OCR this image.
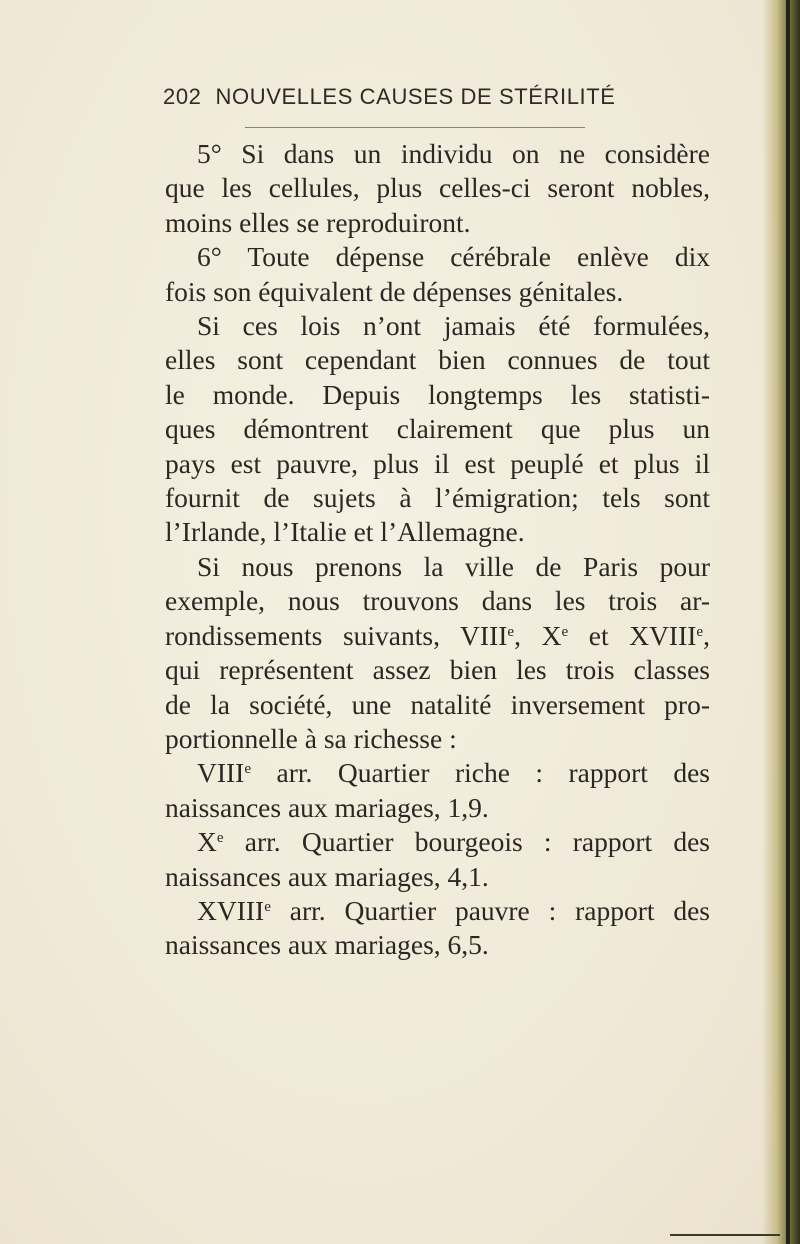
202 NOUVELLES CAUSES DE STÉRILITÉ
5° Si dans un individu on ne considère
que les cellules, plus celles-ci seront nobles,
moins elles se reproduiront.
6° Toute dépense cérébrale enlève dix
fois son équivalent de dépenses génitales.
Si ces lois n’ont jamais été formulées,
elles sont cependant bien connues de tout
le monde. Depuis longtemps les statisti-
ques démontrent clairement que plus un
pays est pauvre, plus il est peuplé et plus il
fournit de sujets à l’émigration; tels sont
l’Irlande, l’Italie et l’Allemagne.
Si nous prenons la ville de Paris pour
exemple, nous trouvons dans les trois ar-
rondissements suivants, VIIIe, Xe et XVIIIe,
qui représentent assez bien les trois classes
de la société, une natalité inversement pro-
portionnelle à sa richesse :
VIIIe arr. Quartier riche : rapport des
naissances aux mariages, 1,9.
Xe arr. Quartier bourgeois : rapport des
naissances aux mariages, 4,1.
XVIIIe arr. Quartier pauvre : rapport des
naissances aux mariages, 6,5.
